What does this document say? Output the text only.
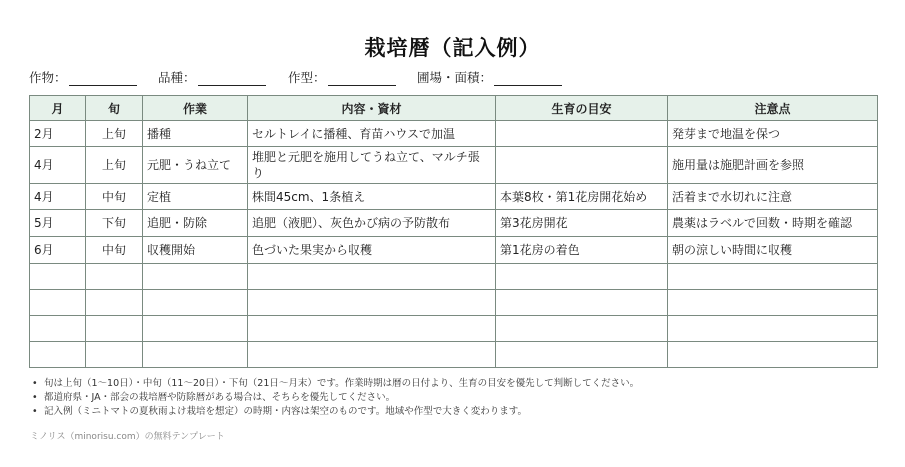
栽培暦（記入例）
作物：	品種：	作型：	圃場・面積：
月	旬	作業	内容・資材	生育の目安	注意点
2月	上旬	播種	セルトレイに播種、育苗ハウスで加温		発芽まで地温を保つ
4月	上旬	元肥・うね立て	堆肥と元肥を施用してうね立て、マルチ張り		施用量は施肥計画を参照
4月	中旬	定植	株間45cm、1条植え	本葉8枚・第1花房開花始め	活着まで水切れに注意
5月	下旬	追肥・防除	追肥（液肥）、灰色かび病の予防散布	第3花房開花	農薬はラベルで回数・時期を確認
6月	中旬	収穫開始	色づいた果実から収穫	第1花房の着色	朝の涼しい時間に収穫

• 旬は上旬（1〜10日）・中旬（11〜20日）・下旬（21日〜月末）です。作業時期は暦の日付より、生育の目安を優先して判断してください。
• 都道府県・JA・部会の栽培暦や防除暦がある場合は、そちらを優先してください。
• 記入例（ミニトマトの夏秋雨よけ栽培を想定）の時期・内容は架空のものです。地域や作型で大きく変わります。
ミノリス（minorisu.com）の無料テンプレート
